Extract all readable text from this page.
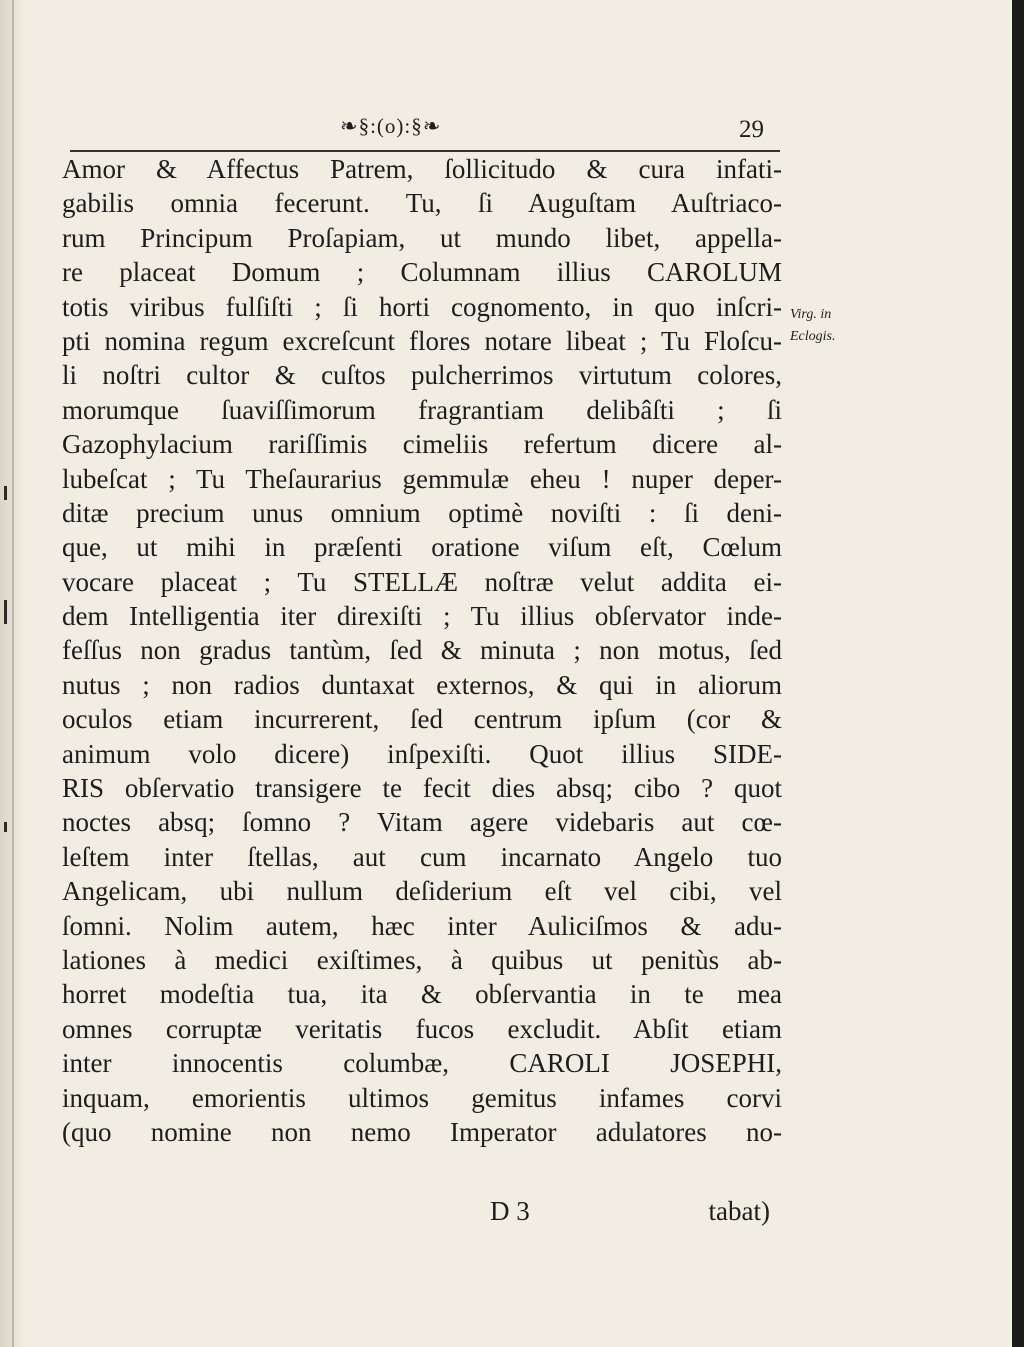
❧§:(o):§❧	29
Amor & Affectus Patrem, ſollicitudo & cura infati-
gabilis omnia fecerunt. Tu, ſi Auguſtam Auſtriaco-
rum Principum Proſapiam, ut mundo libet, appella-
re placeat Domum ; Columnam illius CAROLUM
totis viribus fulſiſti ; ſi horti cognomento, in quo inſcri-
pti nomina regum excreſcunt flores notare libeat ; Tu Floſcu-
li noſtri cultor & cuſtos pulcherrimos virtutum colores,
morumque ſuaviſſimorum fragrantiam delibâſti ; ſi
Gazophylacium rariſſimis cimeliis refertum dicere al-
lubeſcat ; Tu Theſaurarius gemmulæ eheu ! nuper deper-
ditæ precium unus omnium optimè noviſti : ſi deni-
que, ut mihi in præſenti oratione viſum eſt, Cœlum
vocare placeat ; Tu STELLÆ noſtræ velut addita ei-
dem Intelligentia iter direxiſti ; Tu illius obſervator inde-
feſſus non gradus tantùm, ſed & minuta ; non motus, ſed
nutus ; non radios duntaxat externos, & qui in aliorum
oculos etiam incurrerent, ſed centrum ipſum (cor &
animum volo dicere) inſpexiſti. Quot illius SIDE-
RIS obſervatio transigere te fecit dies absq; cibo ? quot
noctes absq; ſomno ? Vitam agere videbaris aut cœ-
leſtem inter ſtellas, aut cum incarnato Angelo tuo
Angelicam, ubi nullum deſiderium eſt vel cibi, vel
ſomni. Nolim autem, hæc inter Auliciſmos & adu-
lationes à medici exiſtimes, à quibus ut penitùs ab-
horret modeſtia tua, ita & obſervantia in te mea
omnes corruptæ veritatis fucos excludit. Abſit etiam
inter innocentis columbæ, CAROLI JOSEPHI,
inquam, emorientis ultimos gemitus infames corvi
(quo nomine non nemo Imperator adulatores no-
Virg. in
Eclogis.
D 3	tabat)
